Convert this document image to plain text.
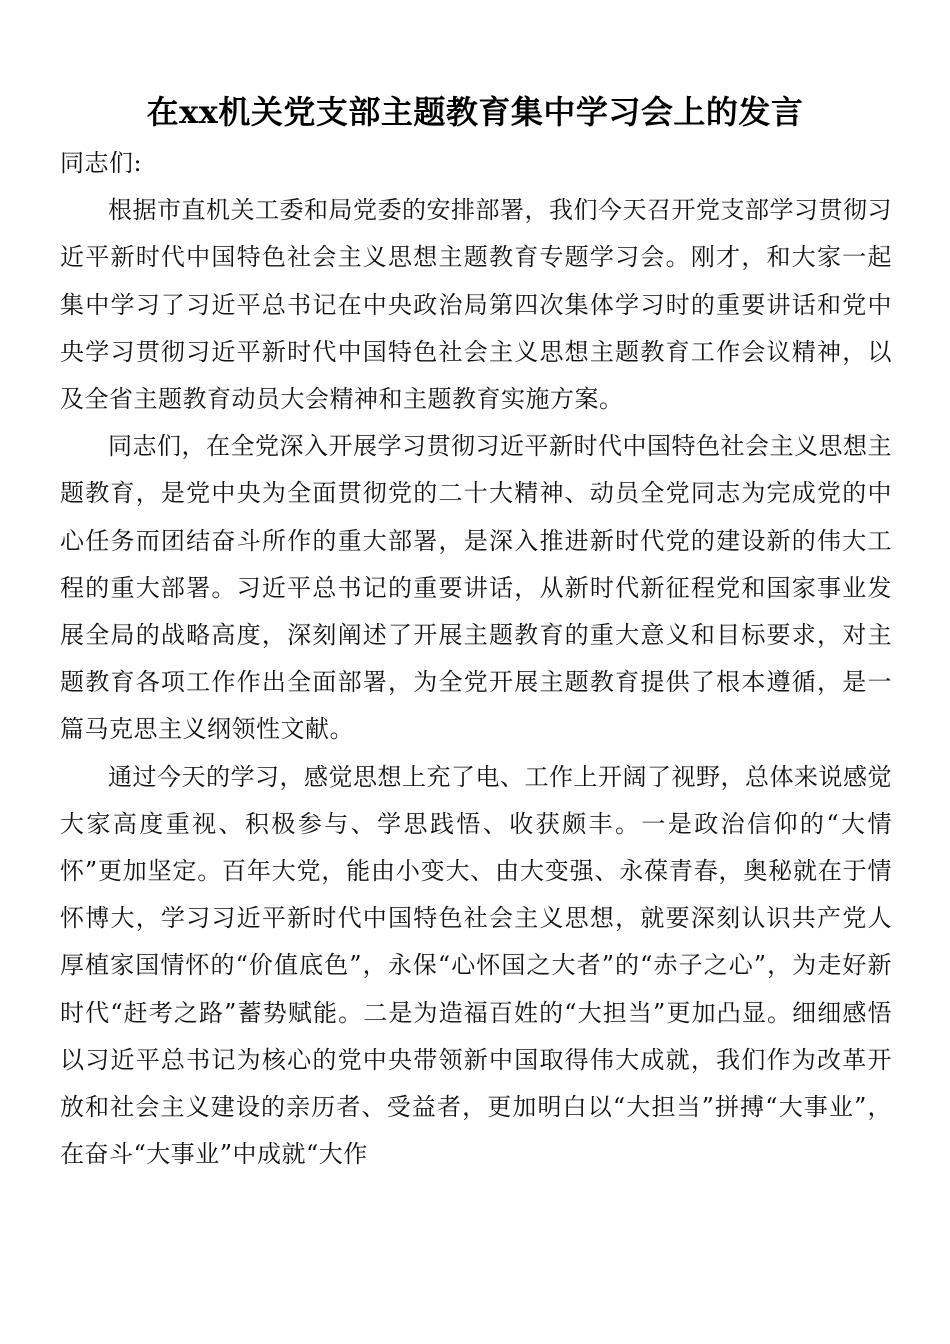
在xx机关党支部主题教育集中学习会上的发言

同志们:

根据市直机关工委和局党委的安排部署，我们今天召开党支部学习贯彻习近平新时代中国特色社会主义思想主题教育专题学习会。刚才，和大家一起集中学习了习近平总书记在中央政治局第四次集体学习时的重要讲话和党中央学习贯彻习近平新时代中国特色社会主义思想主题教育工作会议精神，以及全省主题教育动员大会精神和主题教育实施方案。

同志们，在全党深入开展学习贯彻习近平新时代中国特色社会主义思想主题教育，是党中央为全面贯彻党的二十大精神、动员全党同志为完成党的中心任务而团结奋斗所作的重大部署，是深入推进新时代党的建设新的伟大工程的重大部署。习近平总书记的重要讲话，从新时代新征程党和国家事业发展全局的战略高度，深刻阐述了开展主题教育的重大意义和目标要求，对主题教育各项工作作出全面部署，为全党开展主题教育提供了根本遵循，是一篇马克思主义纲领性文献。

通过今天的学习，感觉思想上充了电、工作上开阔了视野，总体来说感觉大家高度重视、积极参与、学思践悟、收获颇丰。一是政治信仰的“大情怀”更加坚定。百年大党，能由小变大、由大变强、永葆青春，奥秘就在于情怀博大，学习习近平新时代中国特色社会主义思想，就要深刻认识共产党人厚植家国情怀的“价值底色”，永保“心怀国之大者”的“赤子之心”，为走好新时代“赶考之路”蓄势赋能。二是为造福百姓的“大担当”更加凸显。细细感悟以习近平总书记为核心的党中央带领新中国取得伟大成就，我们作为改革开放和社会主义建设的亲历者、受益者，更加明白以“大担当”拼搏“大事业”，在奋斗“大事业”中成就“大作
